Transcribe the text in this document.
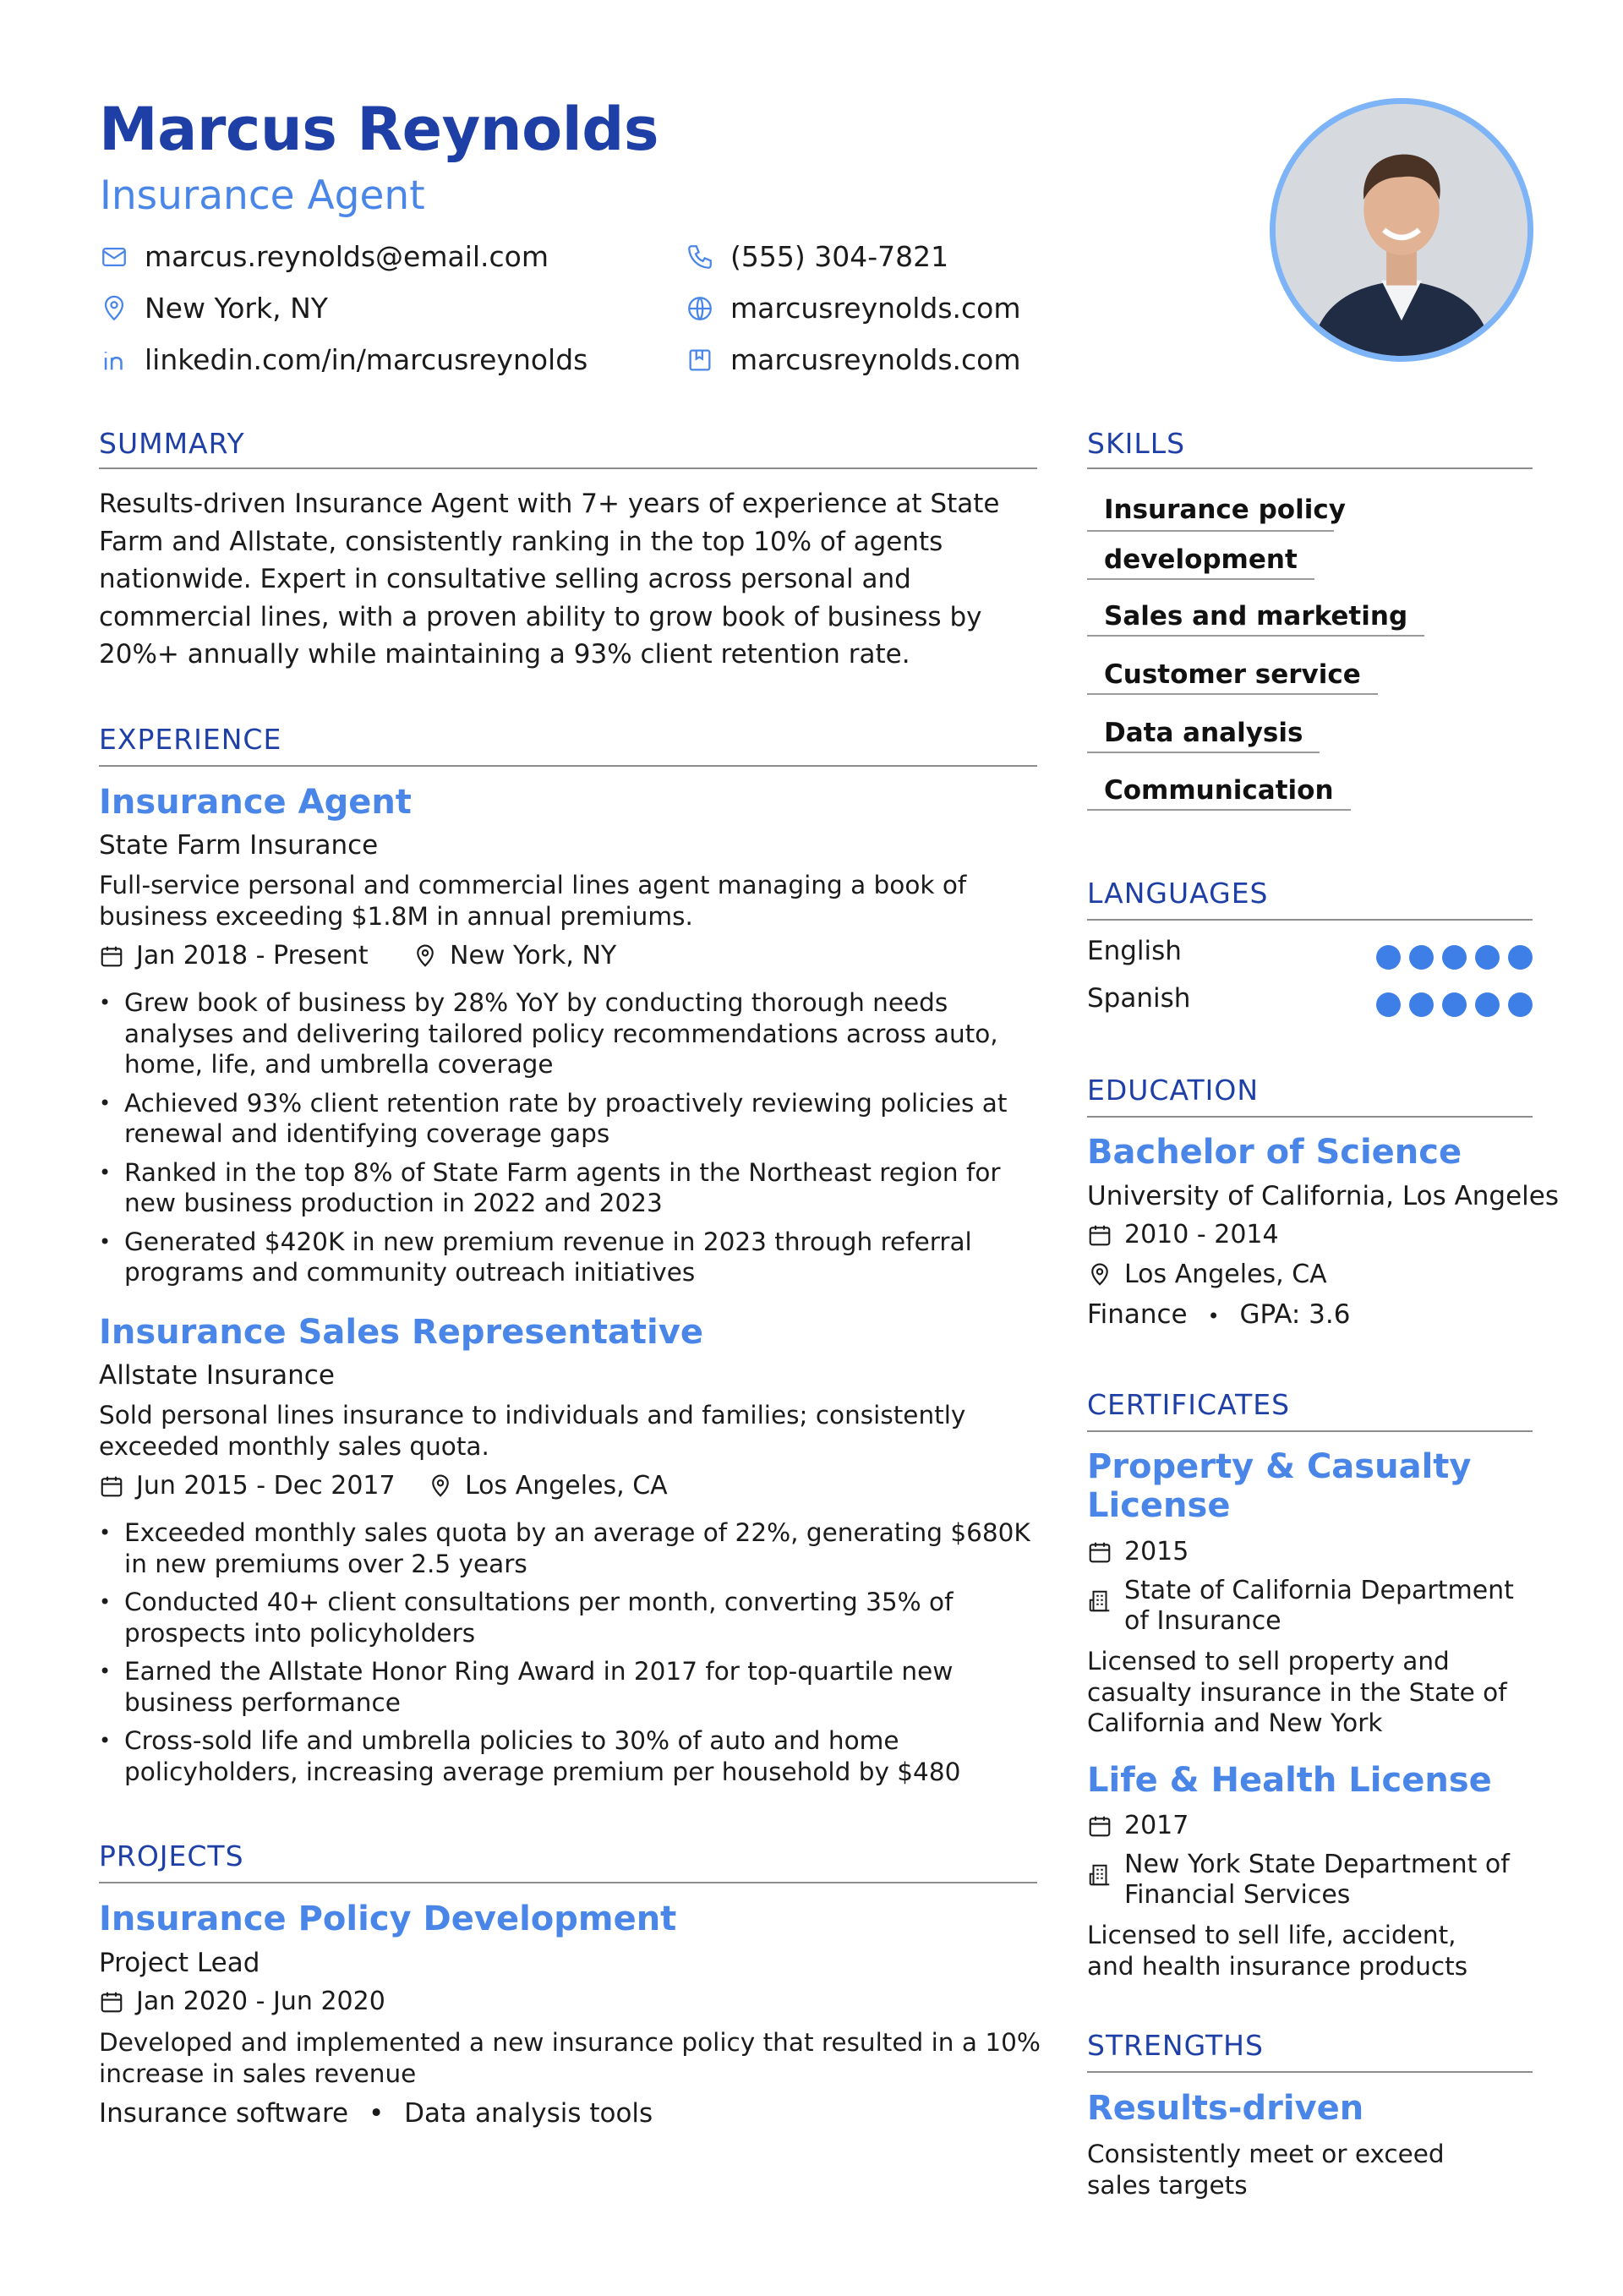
Marcus Reynolds
Insurance Agent
marcus.reynolds@email.com	(555) 304-7821
New York, NY	marcusreynolds.com
linkedin.com/in/marcusreynolds	marcusreynolds.com
SUMMARY
Results-driven Insurance Agent with 7+ years of experience at State Farm and Allstate, consistently ranking in the top 10% of agents nationwide. Expert in consultative selling across personal and commercial lines, with a proven ability to grow book of business by 20%+ annually while maintaining a 93% client retention rate.
EXPERIENCE
Insurance Agent
State Farm Insurance
Full-service personal and commercial lines agent managing a book of business exceeding $1.8M in annual premiums.
Jan 2018 - Present	New York, NY
• Grew book of business by 28% YoY by conducting thorough needs analyses and delivering tailored policy recommendations across auto, home, life, and umbrella coverage
• Achieved 93% client retention rate by proactively reviewing policies at renewal and identifying coverage gaps
• Ranked in the top 8% of State Farm agents in the Northeast region for new business production in 2022 and 2023
• Generated $420K in new premium revenue in 2023 through referral programs and community outreach initiatives
Insurance Sales Representative
Allstate Insurance
Sold personal lines insurance to individuals and families; consistently exceeded monthly sales quota.
Jun 2015 - Dec 2017	Los Angeles, CA
• Exceeded monthly sales quota by an average of 22%, generating $680K in new premiums over 2.5 years
• Conducted 40+ client consultations per month, converting 35% of prospects into policyholders
• Earned the Allstate Honor Ring Award in 2017 for top-quartile new business performance
• Cross-sold life and umbrella policies to 30% of auto and home policyholders, increasing average premium per household by $480
PROJECTS
Insurance Policy Development
Project Lead
Jan 2020 - Jun 2020
Developed and implemented a new insurance policy that resulted in a 10% increase in sales revenue
Insurance software • Data analysis tools
SKILLS
Insurance policy
development
Sales and marketing
Customer service
Data analysis
Communication
LANGUAGES
English
Spanish
EDUCATION
Bachelor of Science
University of California, Los Angeles
2010 - 2014
Los Angeles, CA
Finance • GPA: 3.6
CERTIFICATES
Property & Casualty License
2015
State of California Department of Insurance
Licensed to sell property and casualty insurance in the State of California and New York
Life & Health License
2017
New York State Department of Financial Services
Licensed to sell life, accident, and health insurance products
STRENGTHS
Results-driven
Consistently meet or exceed sales targets
